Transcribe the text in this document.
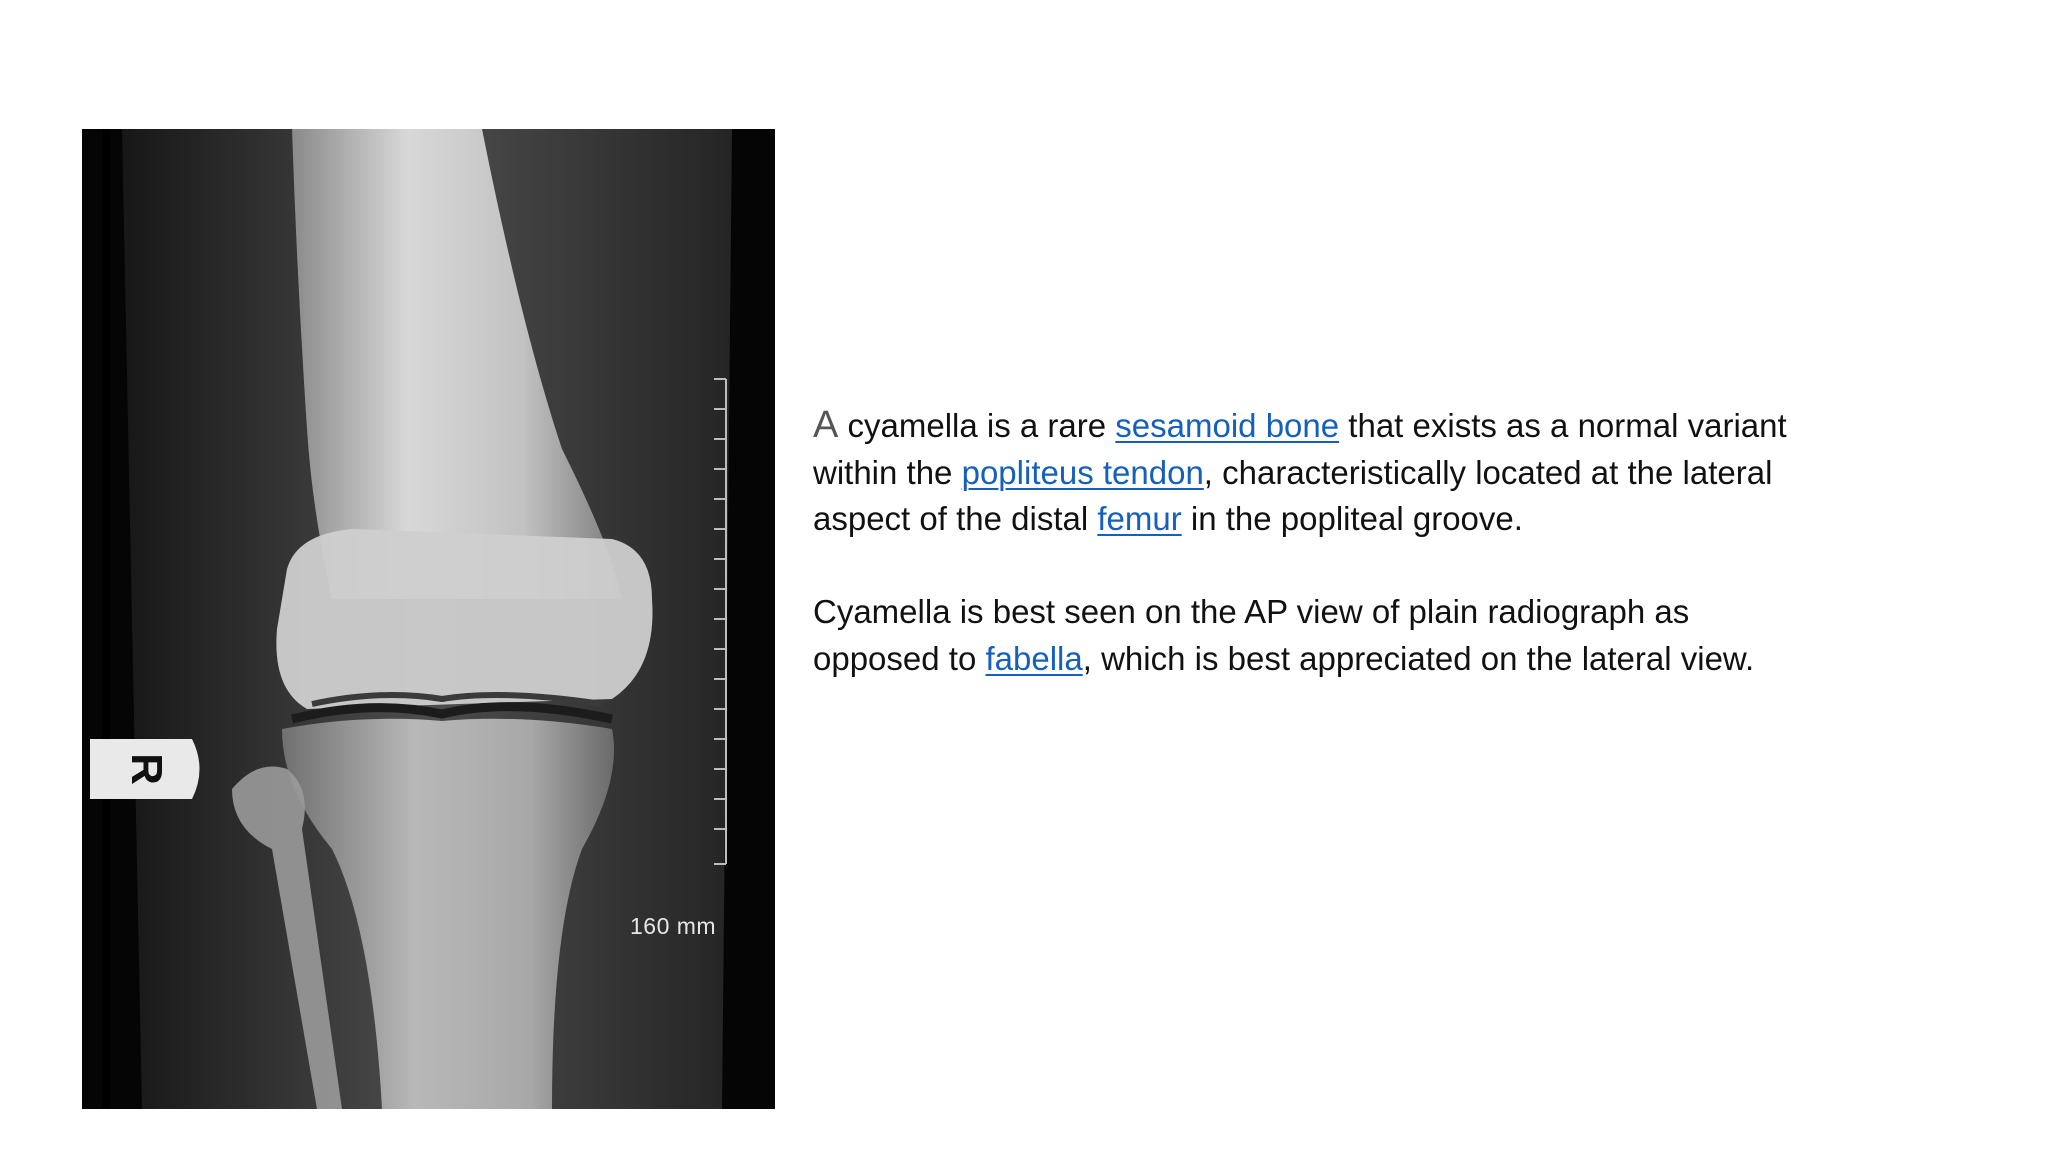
R
160 mm

A cyamella is a rare sesamoid bone that exists as a normal variant within the popliteus tendon, characteristically located at the lateral aspect of the distal femur in the popliteal groove.

Cyamella is best seen on the AP view of plain radiograph as opposed to fabella, which is best appreciated on the lateral view.
